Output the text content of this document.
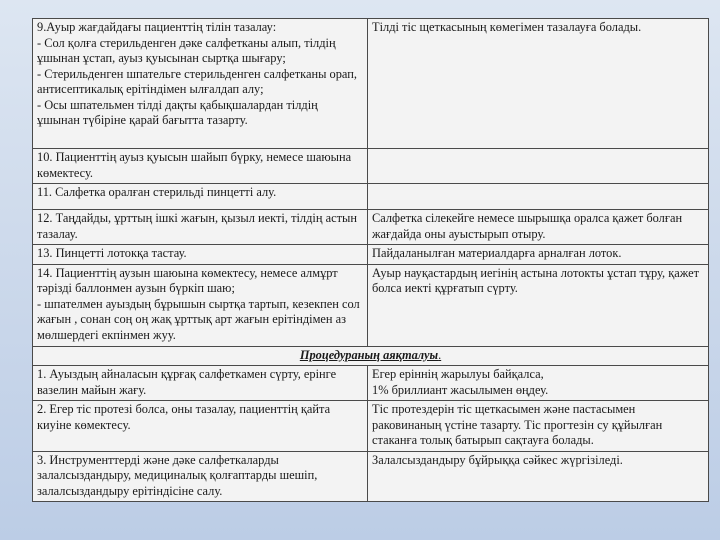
9.Ауыр жағдайдағы пациенттің тілін тазалау:
- Сол қолға стерильденген дәке салфетканы алып, тілдің ұшынан ұстап, ауыз қуысынан сыртқа шығару;
- Стерильденген шпательге стерильденген салфетканы орап, антисептикалық ерітіндімен ылғалдап алу;
- Осы шпательмен тілді дақты қабықшалардан тілдің ұшынан түбіріне қарай бағытта тазарту.	Тілді тіс щеткасының көмегімен тазалауға болады.

10. Пациенттің ауыз қуысын шайып бүрку, немесе шаюына көмектесу.	

11. Салфетка оралған стерильді пинцетті алу.	

12. Таңдайды, ұрттың ішкі жағын, қызыл иекті, тілдің астын тазалау.	Салфетка сілекейге немесе шырышқа оралса қажет болған жағдайда оны ауыстырып отыру.

13. Пинцетті лотокқа тастау.	Пайдаланылған материалдарға арналған лоток.

14. Пациенттің аузын шаюына көмектесу, немесе алмұрт тәрізді баллонмен аузын бүркіп шаю;
- шпателмен ауыздың бұрышын сыртқа тартып, кезекпен сол жағын , сонан соң оң жақ ұрттық арт жағын ерітіндімен аз мөлшердегі екпінмен жуу.	Ауыр науқастардың иегінің астына лотокты ұстап тұру, қажет болса иекті құрғатып сүрту.

Процедураның аяқталуы.	

1. Ауыздың айналасын құрғақ салфеткамен сүрту, ерінге вазелин майын жағу.	Егер еріннің жарылуы байқалса,
1% бриллиант жасылымен өңдеу.

2. Егер тіс протезі болса, оны тазалау, пациенттің қайта киуіне көмектесу.	Тіс протездерін тіс щеткасымен және пастасымен раковинаның үстіне тазарту. Тіс прогтезін су құйылған стаканға толық батырып сақтауға болады.

3. Инструменттерді және дәке салфеткаларды залалсыздандыру, медициналық қолғаптарды шешіп, залалсыздандыру ерітіндісіне салу.	Залалсыздандыру бұйрыққа сәйкес жүргізіледі.
